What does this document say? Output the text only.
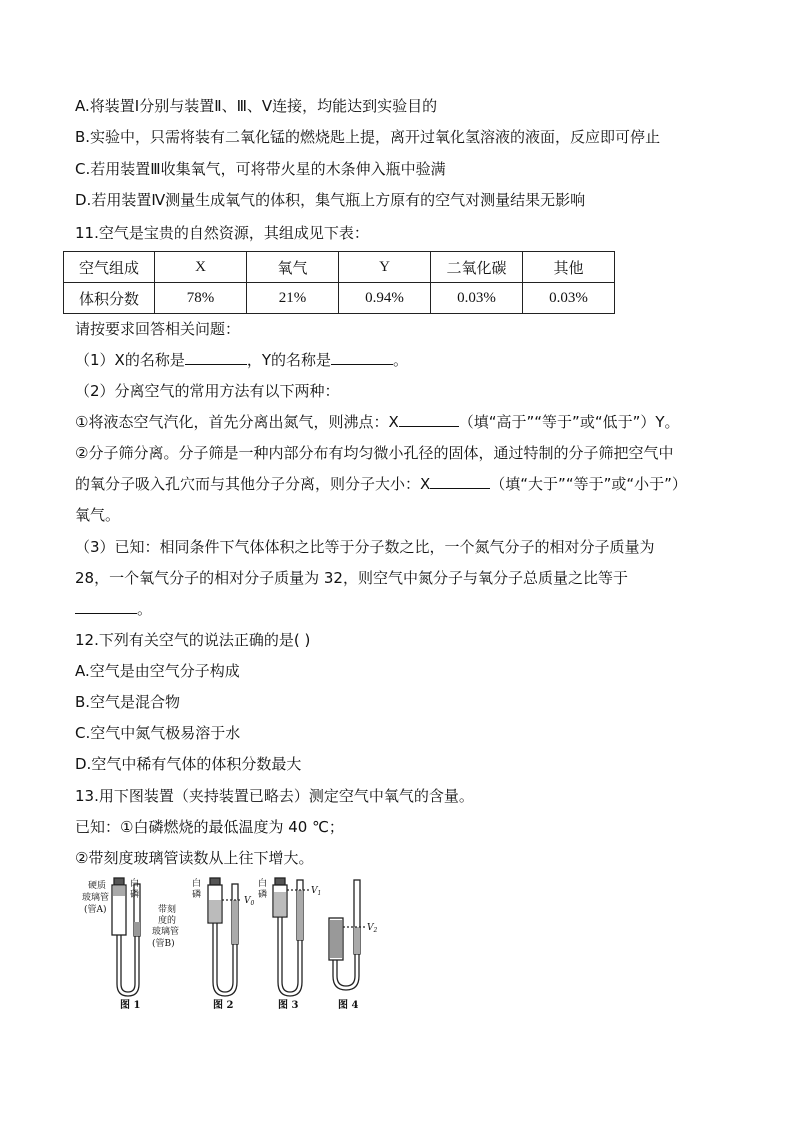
A.将装置Ⅰ分别与装置Ⅱ、Ⅲ、Ⅴ连接，均能达到实验目的
B.实验中，只需将装有二氧化锰的燃烧匙上提，离开过氧化氢溶液的液面，反应即可停止
C.若用装置Ⅲ收集氧气，可将带火星的木条伸入瓶中验满
D.若用装置Ⅳ测量生成氧气的体积，集气瓶上方原有的空气对测量结果无影响
11.空气是宝贵的自然资源，其组成见下表：
空气组成	X	氧气	Y	二氧化碳	其他
体积分数	78%	21%	0.94%	0.03%	0.03%
请按要求回答相关问题：
（1）X的名称是	，Y的名称是	。
（2）分离空气的常用方法有以下两种：
①将液态空气汽化，首先分离出氮气，则沸点：X	（填“高于”“等于”或“低于”）Y。
②分子筛分离。分子筛是一种内部分布有均匀微小孔径的固体，通过特制的分子筛把空气中
的氧分子吸入孔穴而与其他分子分离，则分子大小：X	（填“大于”“等于”或“小于”）
氧气。
（3）已知：相同条件下气体体积之比等于分子数之比，一个氮气分子的相对分子质量为
28，一个氧气分子的相对分子质量为 32，则空气中氮分子与氧分子总质量之比等于
。
12.下列有关空气的说法正确的是( )
A.空气是由空气分子构成
B.空气是混合物
C.空气中氮气极易溶于水
D.空气中稀有气体的体积分数最大
13.用下图装置（夹持装置已略去）测定空气中氧气的含量。
已知：①白磷燃烧的最低温度为 40 ℃；
②带刻度玻璃管读数从上往下增大。
硬质
玻璃管
(管A)
白
磷
带刻
度的
玻璃管
(管B)
白
磷
$V_0$
白
磷	$V_1$
$V_2$
图 1	图 2	图 3	图 4
